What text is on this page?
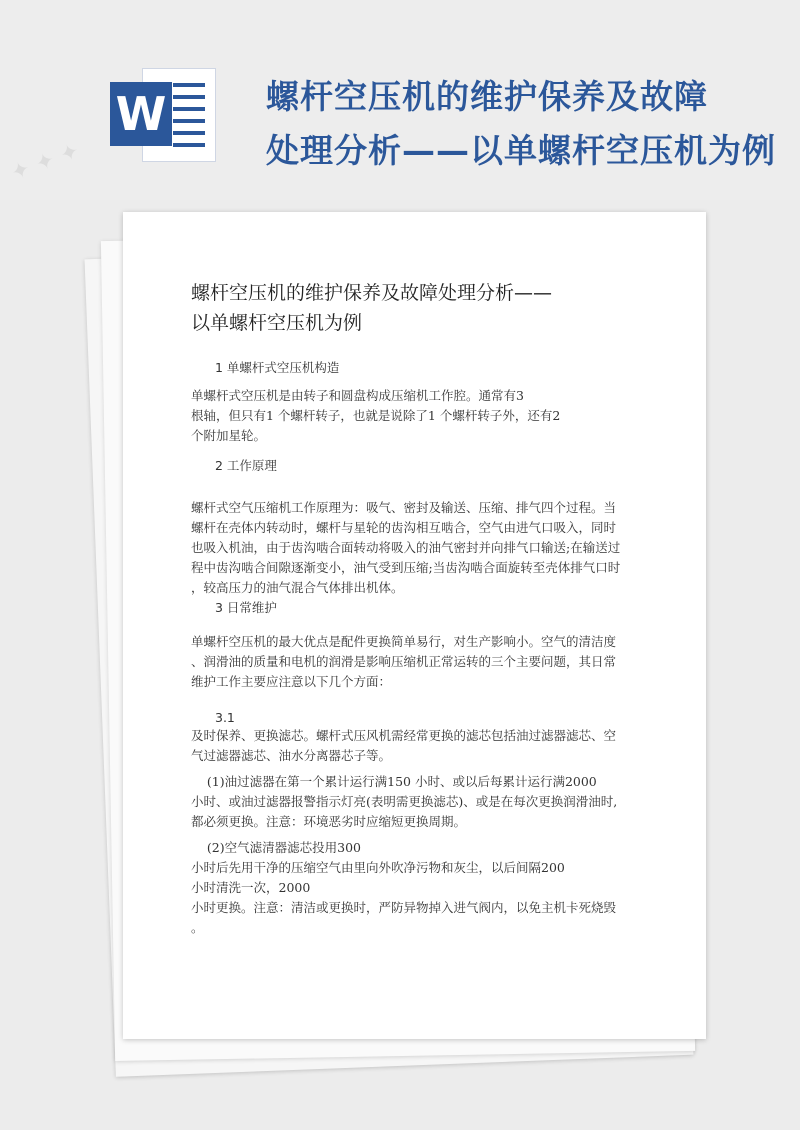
W	螺杆空压机的维护保养及故障
处理分析——以单螺杆空压机为例
螺杆空压机的维护保养及故障处理分析——
以单螺杆空压机为例
1 单螺杆式空压机构造
单螺杆式空压机是由转子和圆盘构成压缩机工作腔。通常有3
根轴，但只有1 个螺杆转子，也就是说除了1 个螺杆转子外，还有2
个附加星轮。
2 工作原理
螺杆式空气压缩机工作原理为：吸气、密封及输送、压缩、排气四个过程。当
螺杆在壳体内转动时，螺杆与星轮的齿沟相互啮合，空气由进气口吸入，同时
也吸入机油，由于齿沟啮合面转动将吸入的油气密封并向排气口输送;在输送过
程中齿沟啮合间隙逐渐变小，油气受到压缩;当齿沟啮合面旋转至壳体排气口时
，较高压力的油气混合气体排出机体。
3 日常维护
单螺杆空压机的最大优点是配件更换简单易行，对生产影响小。空气的清洁度
、润滑油的质量和电机的润滑是影响压缩机正常运转的三个主要问题，其日常
维护工作主要应注意以下几个方面：
3.1
及时保养、更换滤芯。螺杆式压风机需经常更换的滤芯包括油过滤器滤芯、空
气过滤器滤芯、油水分离器芯子等。
(1)油过滤器在第一个累计运行满150 小时、或以后每累计运行满2000
小时、或油过滤器报警指示灯亮(表明需更换滤芯)、或是在每次更换润滑油时,
都必须更换。注意：环境恶劣时应缩短更换周期。
(2)空气滤清器滤芯投用300
小时后先用干净的压缩空气由里向外吹净污物和灰尘，以后间隔200
小时清洗一次，2000
小时更换。注意：清洁或更换时，严防异物掉入进气阀内，以免主机卡死烧毁
。
